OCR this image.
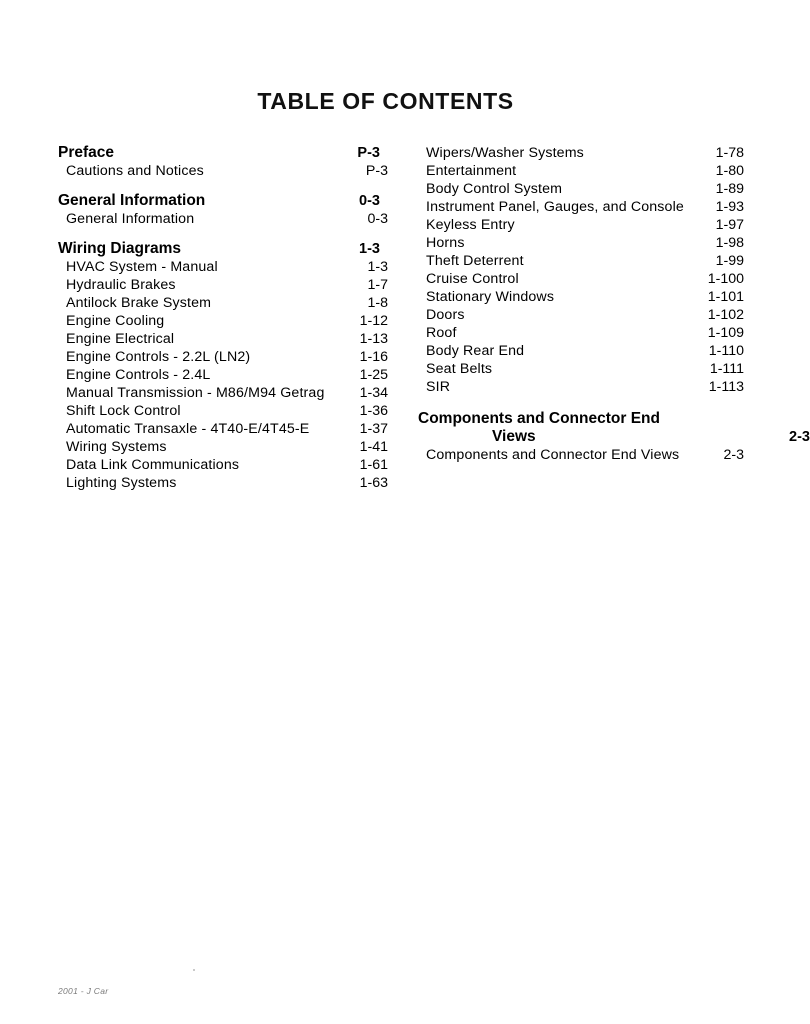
TABLE OF CONTENTS
Preface .....	P-3
Cautions and Notices .....	P-3
General Information .....	0-3
General Information .....	0-3
Wiring Diagrams .....	1-3
HVAC System - Manual .....	1-3
Hydraulic Brakes .....	1-7
Antilock Brake System .....	1-8
Engine Cooling .....	1-12
Engine Electrical .....	1-13
Engine Controls - 2.2L (LN2) .....	1-16
Engine Controls - 2.4L .....	1-25
Manual Transmission - M86/M94 Getrag .....	1-34
Shift Lock Control .....	1-36
Automatic Transaxle - 4T40-E/4T45-E .....	1-37
Wiring Systems .....	1-41
Data Link Communications .....	1-61
Lighting Systems .....	1-63
Wipers/Washer Systems .....	1-78
Entertainment .....	1-80
Body Control System .....	1-89
Instrument Panel, Gauges, and Console .....	1-93
Keyless Entry .....	1-97
Horns .....	1-98
Theft Deterrent .....	1-99
Cruise Control .....	1-100
Stationary Windows .....	1-101
Doors .....	1-102
Roof .....	1-109
Body Rear End .....	1-110
Seat Belts .....	1-111
SIR .....	1-113
Components and Connector End
Views .....	2-3
Components and Connector End Views .....	2-3
2001 - J Car
